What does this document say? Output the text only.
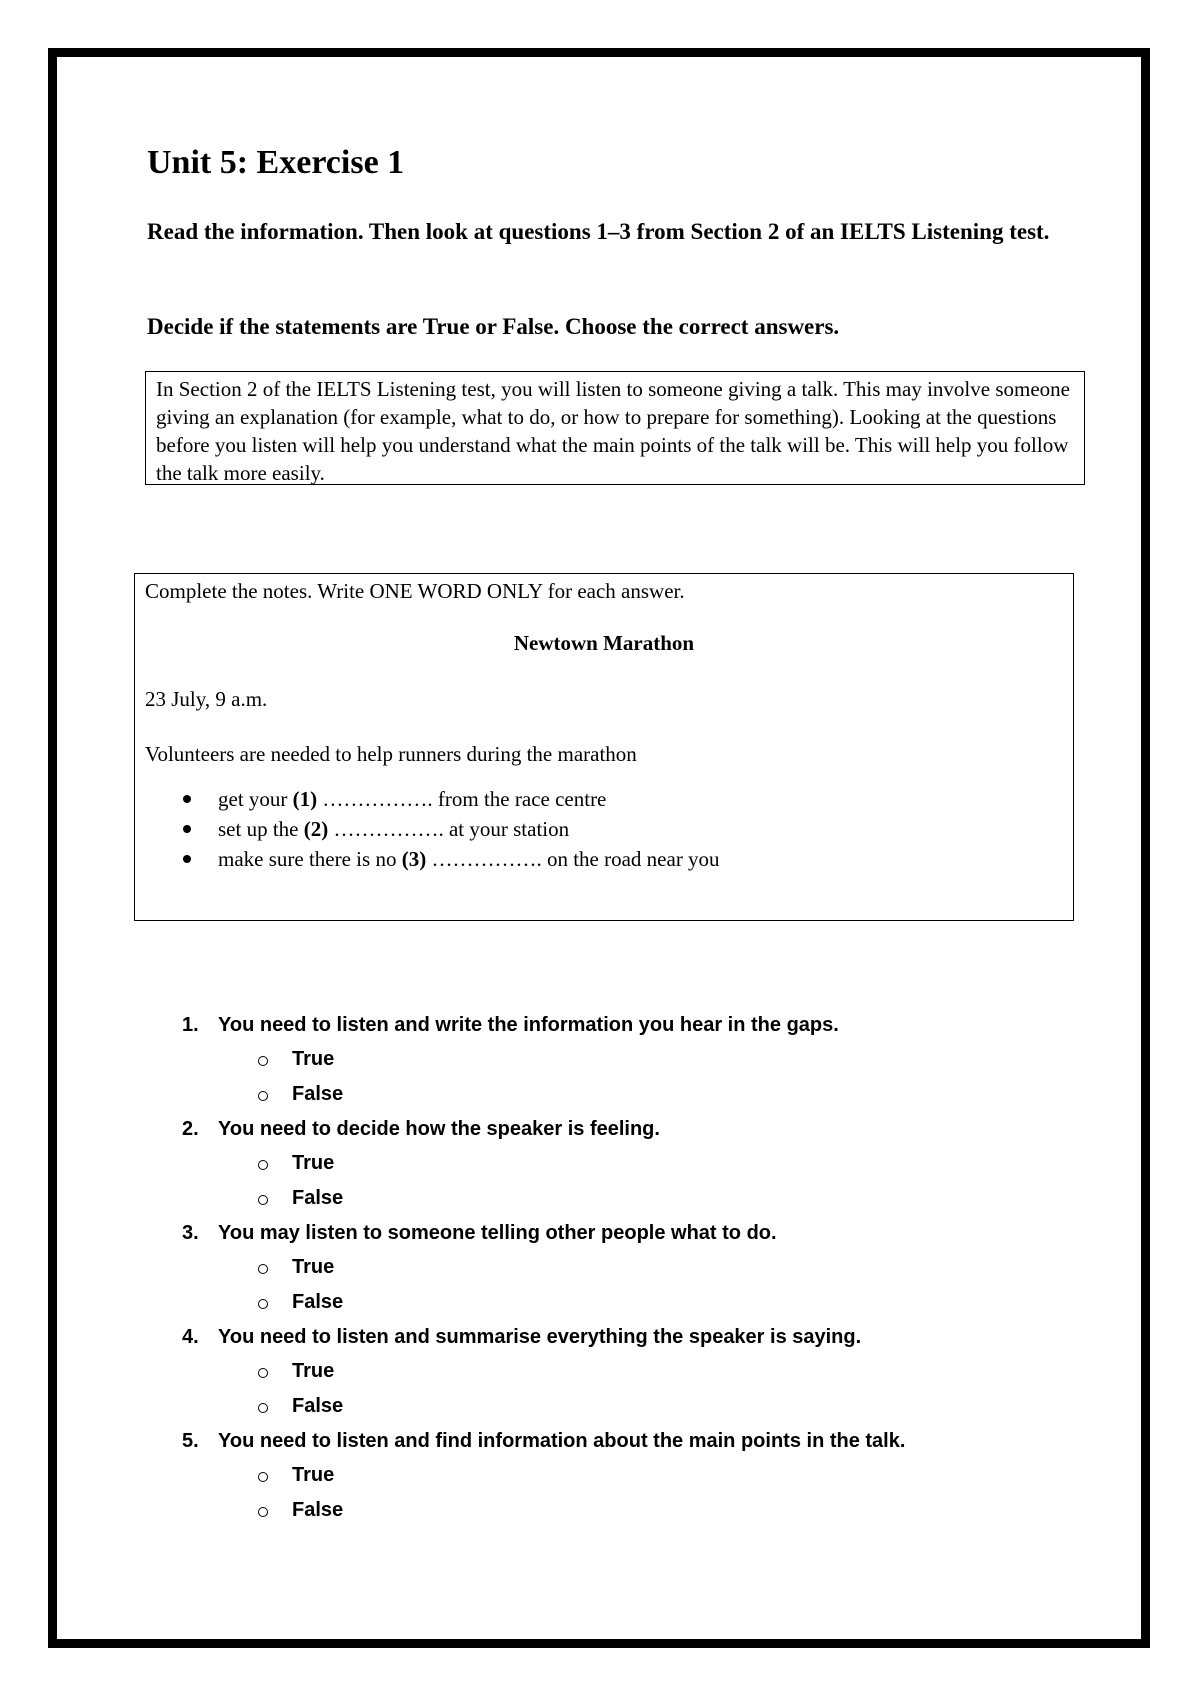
Unit 5: Exercise 1

Read the information. Then look at questions 1–3 from Section 2 of an IELTS Listening test.

Decide if the statements are True or False. Choose the correct answers.

In Section 2 of the IELTS Listening test, you will listen to someone giving a talk. This may involve someone giving an explanation (for example, what to do, or how to prepare for something). Looking at the questions before you listen will help you understand what the main points of the talk will be. This will help you follow the talk more easily.

Complete the notes. Write ONE WORD ONLY for each answer.

Newtown Marathon

23 July, 9 a.m.

Volunteers are needed to help runners during the marathon

get your (1) ……………. from the race centre
set up the (2) ……………. at your station
make sure there is no (3) ……………. on the road near you
1. You need to listen and write the information you hear in the gaps.
True
False
2. You need to decide how the speaker is feeling.
True
False
3. You may listen to someone telling other people what to do.
True
False
4. You need to listen and summarise everything the speaker is saying.
True
False
5. You need to listen and find information about the main points in the talk.
True
False
